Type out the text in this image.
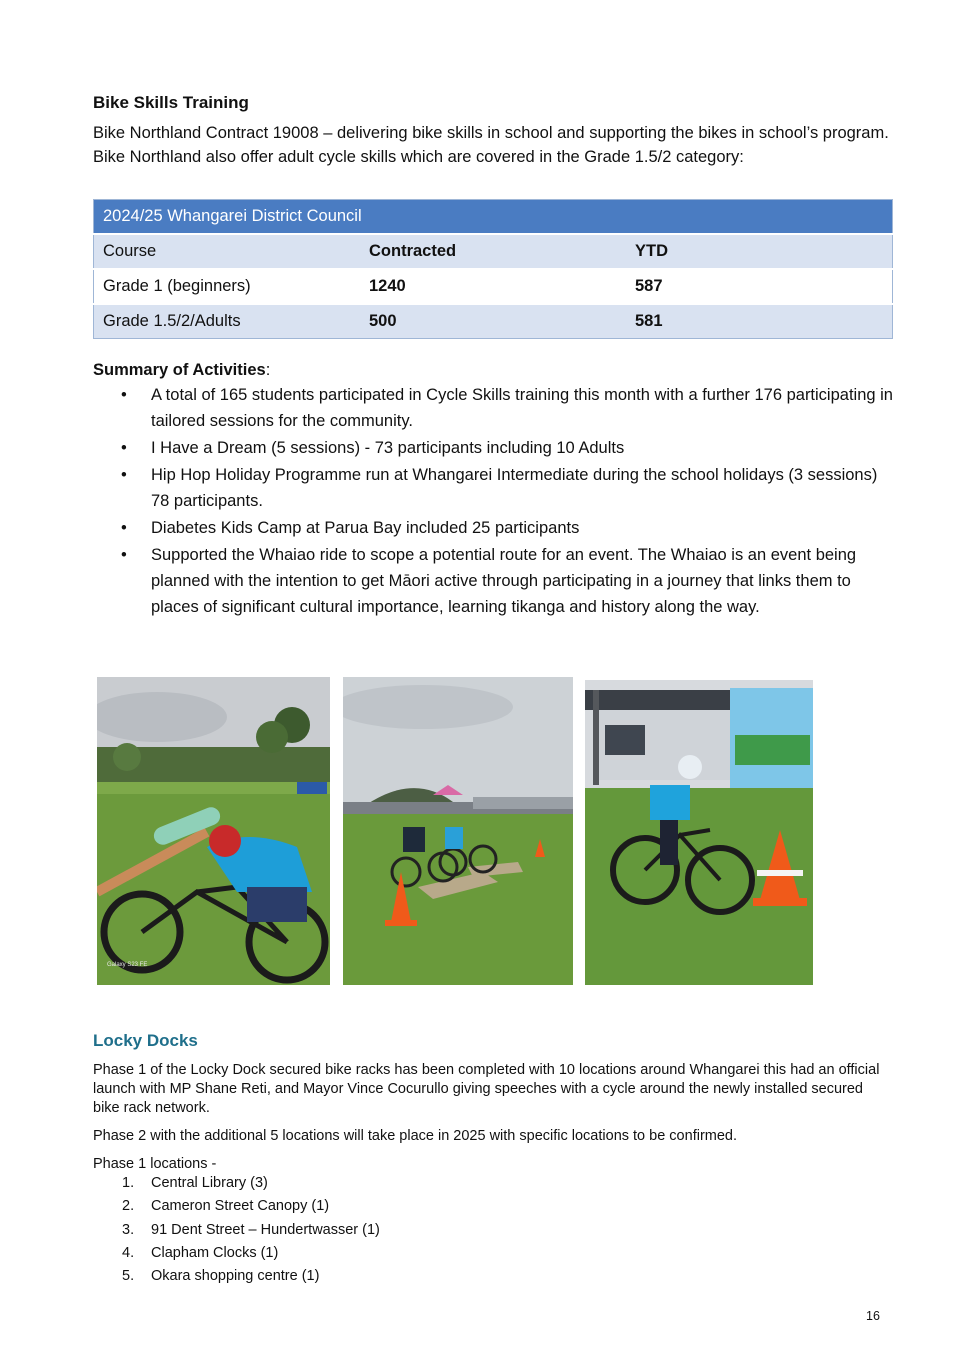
Bike Skills Training

Bike Northland Contract 19008 – delivering bike skills in school and supporting the bikes in school’s program. Bike Northland also offer adult cycle skills which are covered in the Grade 1.5/2 category:

2024/25 Whangarei District Council		
Course	Contracted	YTD
Grade 1 (beginners)	1240	587
Grade 1.5/2/Adults	500	581
Summary of Activities:
• A total of 165 students participated in Cycle Skills training this month with a further 176 participating in tailored sessions for the community.
• I Have a Dream (5 sessions) - 73 participants including 10 Adults
• Hip Hop Holiday Programme run at Whangarei Intermediate during the school holidays (3 sessions) 78 participants.
• Diabetes Kids Camp at Parua Bay included 25 participants
• Supported the Whaiao ride to scope a potential route for an event. The Whaiao is an event being planned with the intention to get Māori active through participating in a journey that links them to places of significant cultural importance, learning tikanga and history along the way.
Galaxy S23 FE
Locky Docks

Phase 1 of the Locky Dock secured bike racks has been completed with 10 locations around Whangarei this had an official launch with MP Shane Reti, and Mayor Vince Cocurullo giving speeches with a cycle around the newly installed secured bike rack network.

Phase 2 with the additional 5 locations will take place in 2025 with specific locations to be confirmed.

Phase 1 locations -

1. Central Library (3)
2. Cameron Street Canopy (1)
3. 91 Dent Street – Hundertwasser (1)
4. Clapham Clocks (1)
5. Okara shopping centre (1)
16
